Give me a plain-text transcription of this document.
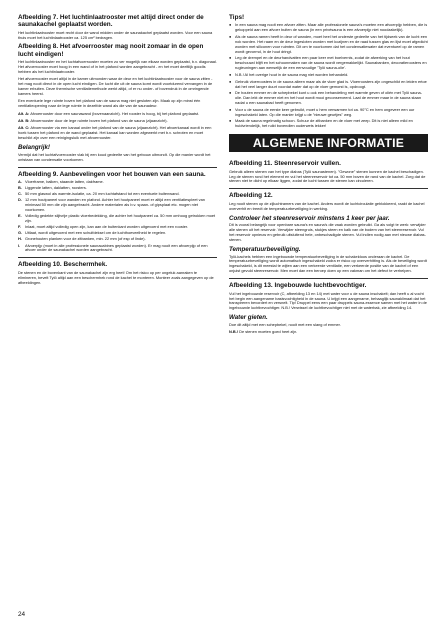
Afbeelding 7. Het luchtinlaatrooster met altijd direct onder de saunakachel geplaatst worden.

Het luchtinlaatrooster moet recht door de wand midden onder de saunakachel geplaatst worden. Voor een sauna thuis moet het luchtinlaatrooster ca. 125 cm² bedragen.

Afbeelding 8. Het afvoerrooster mag nooit zomaar in de open lucht eindigen!

Het luchtinlaatrooster en het luchtafvoerrooster moeten zo ver mogelijk van elkaar worden geplaatst, b.v. diagonaal. Het afvoerrooster moet hoog in een wand of in het plafond worden aangebracht - en het moet deeltlijk goodis hebben als het luchtinlaatrooster.

Het afvoerrooster moet altijd in de kamer uitmonden waar de deur en het luchtinlaatrooster voor de sauna zitten - het mag nooit direct in de open lucht eindigen. De lucht die uit de sauna komt wordt voortdurend vervangen in de kamer erbuiten. Deze thermische ventilatiemethode werkt altijd, of er nu onder- of bovendruk in de omringende kamers heerst.

Een eventuele lege ruimte boven het plafond van de sauna mag niet gesloten zijn. Maak op zijn minst één ventilatieopening naar de lege ruimte in dezelfde wand als die van de saunadeur.

Alt. A: Afvoerrooster door een saunawand (bovenaanzicht). Het rooster is hoog, bij het plafond geplaatst.

Alt. B: Afvoerrooster door de lege ruimte boven het plafond van de sauna (zijaanzicht).

Alt. C: Afvoerrooster via een kanaal onder het plafond van de sauna (zijaanzicht). Het afvoerkanaal wordt in een hoek tussen het plafond en de wand geplaatst. Het kanaal kan worden afgewerkt met b.v. schroten en moet beschikt zijn over een reinigingsluik met afvoerrooster.

Belangrijk!

Vermijd dat het luchtafvoerrooster vlak bij een koud gedeelte van het gebouw uitmondt. Op die manier wordt het ontstaan van condensatie voorkomen.

Afbeelding 9. Aanbevelingen voor het bouwen van een sauna.
A. Vloerframe, balken, staande latten, dakframe.
B. Liggende latten, daklatten, roosters.
C. 50 mm glaswol als warmte-isolatie, ca. 20 mm luchtafstand tot een eventuele buitenwand.
D. 12 mm houtpaneel voor wanden en plafond. Achter het houtpaneel moet er altijd een ventilatiespleet van minimaal 50 mm die zijn aangebracht. Andere materialen als b.v. spaan- of gipsplaat etc. mogen niet voorkomen.
E. Volledig gedekte slijtvrije plastic vloerbedekking, die achter het houtpaneel ca. 50 mm omhoog getrokken moet zijn.
F. Inlaat, moet altijd volledig open zijn, kan aan de buitenkant worden uitgevoerd met een rooster.
G. Uitlaat, wordt uitgevoerd met een schuifdeksel om de luchthoeveelheid te regelen.
H. Gronehouten planken voor de zitbanken, min. 22 mm (of esp of linde).
I. Afvoerpijp (moet in alle professionele saunacabines geplaatst worden). Er mag nooit een afvoerpijp of een afvoer onder de saunakachel worden aangebracht.
Afbeelding 10. Beschermhek.

De stenen en de bovenkant van de saunakachel zijn erg heet! Om het risico op per ongeluk aanraken te elimineren, bevelt Tylö altijd aan een beschermhek rond de kachel te monteren. Monteer zoals aangegeven op de afbeeldingen.

Tips!
● In een sauna mag nooit een afvoer zitten. Maar alle professionele sauna's moeten een afvoerpijp hebben, die is gekoppeld aan een afvoer buiten de sauna (in een privésauna is een afvoerpijp niet noodzakelijk).
● Als de sauna ramen heeft in deur of wanden, moet heel het onderste gedeelte van het tijdseek van de lucht een nok worden. Het raam en de deur ingesloten worden met kozijnen en de raad tussen glas en lijst moet afgedicht worden met siliconen voor ruimten. Dit om te voorkomen dat het condensatiewater dat eventueel op de ramen wordt gevormd, in de hout dringt.
● Leg de drempel en de deurhandvatten een paar keer met boelvernis, zodat de afwerking van het hout beschouwd blijft en het schoonmaken van de sauna wordt vergemakkelijkt. Saunabanken, decoratieroosters en rugleuningen aan wenselijk de een eenvoudige 'Tylö sauna-olie'.
● N.B.! Al het overige hout in de sauna mag niet worden behandeld.
● Gebruik vloerroosters in de sauna alleen maar als de vloer glad is. Vloerroosters zijn ongeschikt en leiden ertoe dat het veel langer duurt voordat water dat op de vloer gemorst is, opdroogt.
● De houten emmer en de schepbekel kunt u ook een behandeling met warmte geven of olién met Tylö sauna-olie. Dan lekt de emmer niet en het hout wordt mooi geconserveerd. Laat de emmer maar in de sauna staan nadat u een saunabad heeft genomen.
● Voor u de sauna de eerste keer gebruikt, moet u hem verwarmen tot ca. 90°C en hem ongeveer een uur ingeschakeld laten. Op die manier krijgt u de "nieuwe geurtjes" weg.
● Maak de sauna regelmatig schoon. Schuur de zitbanken en de vloer met zeep. Dit is niet alleen mild en huidvriendelijk, het ruikt bovendien ouderwets lekker!
ALGEMENE INFORMATIE
Afbeelding 11. Steenreservoir vullen.

Gebruik alleen stenen van het type diabas (Tylö saunastenen). "Gewone" stenen kunnen de kachel beschadigen. Leg de stenen rond het element en vul het steenreservoir tot ca. 50 mm boven de rand van de kachel. Zorg dat de stenen niet te dicht op elkaar liggen, zodat de lucht tussen de stenen kan circuleren.

Afbeelding 12.

Leg nooit stenen op de zijluchtramers van de kachel. Anders wordt de luchtcirculatie geblokkeerd, raakt de kachel oververhit en treedt de temperatuurbeveiliging in werking.

Controleer het steenreservoir minstens 1 keer per jaar.

Dit is vooral belangrijk voor openbare sauna's en sauna's die vaak worden gebruikt. Ga als volgt te werk: verwijder alle stenen uit het reservoir. Verwijder steengruis, stukjes steen en kalk van de bodem van het steenreservoir. Vul het reservoir opnieuw en gebruik uitsluitend hele, onbeschadigde stenen. Vul indien nodig aan met nieuwe diabas-stenen.

Temperatuurbeveiliging.

Tylö-kachels hebben een ingebouwde temperatuurbeveiliging in de schakeldoos onderaan de kachel. De temperatuurbeveiliging wordt automatisch ingeschakeld zodra er risico op oververhitting is. Als de beveiliging wordt ingeschakeld, is dit meestal te wijten aan een verkeerde ventilatie, een verkeerde positie van de kachel of een onjuist gevuld steenreservoir. Men moet dan een beroep doen op een vakman om het defect te verhelpen.

Afbeelding 13. Ingebouwde luchtbevochtiger.

Vul het ingebouwde reservoir (C, afbeelding 13 en 14) met water voor u de sauna inschakelt; dan heeft u al vocht het begin een aangename basisvochtigheid in de sauna. U krijgt een aangename, behaaglijk saunaklimaat dat het transpireren bevordert en versnelt. Tip! Druppel eens een paar druppels sauna-essence samen met het water in de ingebouwde luchtbevochtiger. N.B.! Verwissel de luchtbevochtiger niet met de waterbak, zie afbeelding 14.

Water gieten.

Doe dit altijd met een schepbekel, nooit met een slang of emmer.

N.B.! De stenen moeten goed heet zijn.

24
